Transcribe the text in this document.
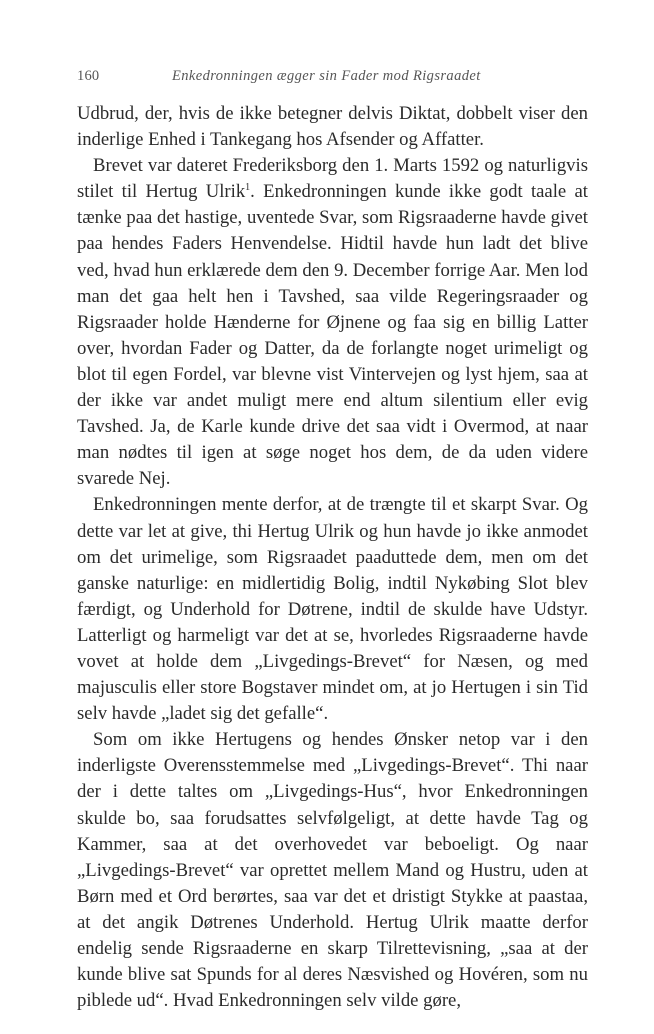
160	Enkedronningen ægger sin Fader mod Rigsraadet

Udbrud, der, hvis de ikke betegner delvis Diktat, dobbelt viser den inderlige Enhed i Tankegang hos Afsender og Affatter.

Brevet var dateret Frederiksborg den 1. Marts 1592 og naturligvis stilet til Hertug Ulrik$^1$. Enkedronningen kunde ikke godt taale at tænke paa det hastige, uventede Svar, som Rigsraaderne havde givet paa hendes Faders Henvendelse. Hidtil havde hun ladt det blive ved, hvad hun erklærede dem den 9. December forrige Aar. Men lod man det gaa helt hen i Tavshed, saa vilde Regeringsraader og Rigsraader holde Hænderne for Øjnene og faa sig en billig Latter over, hvordan Fader og Datter, da de forlangte noget urimeligt og blot til egen Fordel, var blevne vist Vintervejen og lyst hjem, saa at der ikke var andet muligt mere end altum silentium eller evig Tavshed. Ja, de Karle kunde drive det saa vidt i Overmod, at naar man nødtes til igen at søge noget hos dem, de da uden videre svarede Nej.

Enkedronningen mente derfor, at de trængte til et skarpt Svar. Og dette var let at give, thi Hertug Ulrik og hun havde jo ikke anmodet om det urimelige, som Rigsraadet paaduttede dem, men om det ganske naturlige: en midlertidig Bolig, indtil Nykøbing Slot blev færdigt, og Underhold for Døtrene, indtil de skulde have Udstyr. Latterligt og harmeligt var det at se, hvorledes Rigsraaderne havde vovet at holde dem „Livgedings-Brevet“ for Næsen, og med majusculis eller store Bogstaver mindet om, at jo Hertugen i sin Tid selv havde „ladet sig det gefalle“.

Som om ikke Hertugens og hendes Ønsker netop var i den inderligste Overensstemmelse med „Livgedings-Brevet“. Thi naar der i dette taltes om „Livgedings-Hus“, hvor Enkedronningen skulde bo, saa forudsattes selvfølgeligt, at dette havde Tag og Kammer, saa at det overhovedet var beboeligt. Og naar „Livgedings-Brevet“ var oprettet mellem Mand og Hustru, uden at Børn med et Ord berørtes, saa var det et dristigt Stykke at paastaa, at det angik Døtrenes Underhold. Hertug Ulrik maatte derfor endelig sende Rigsraaderne en skarp Tilrettevisning, „saa at der kunde blive sat Spunds for al deres Næsvished og Hovéren, som nu piblede ud“. Hvad Enkedronningen selv vilde gøre,
